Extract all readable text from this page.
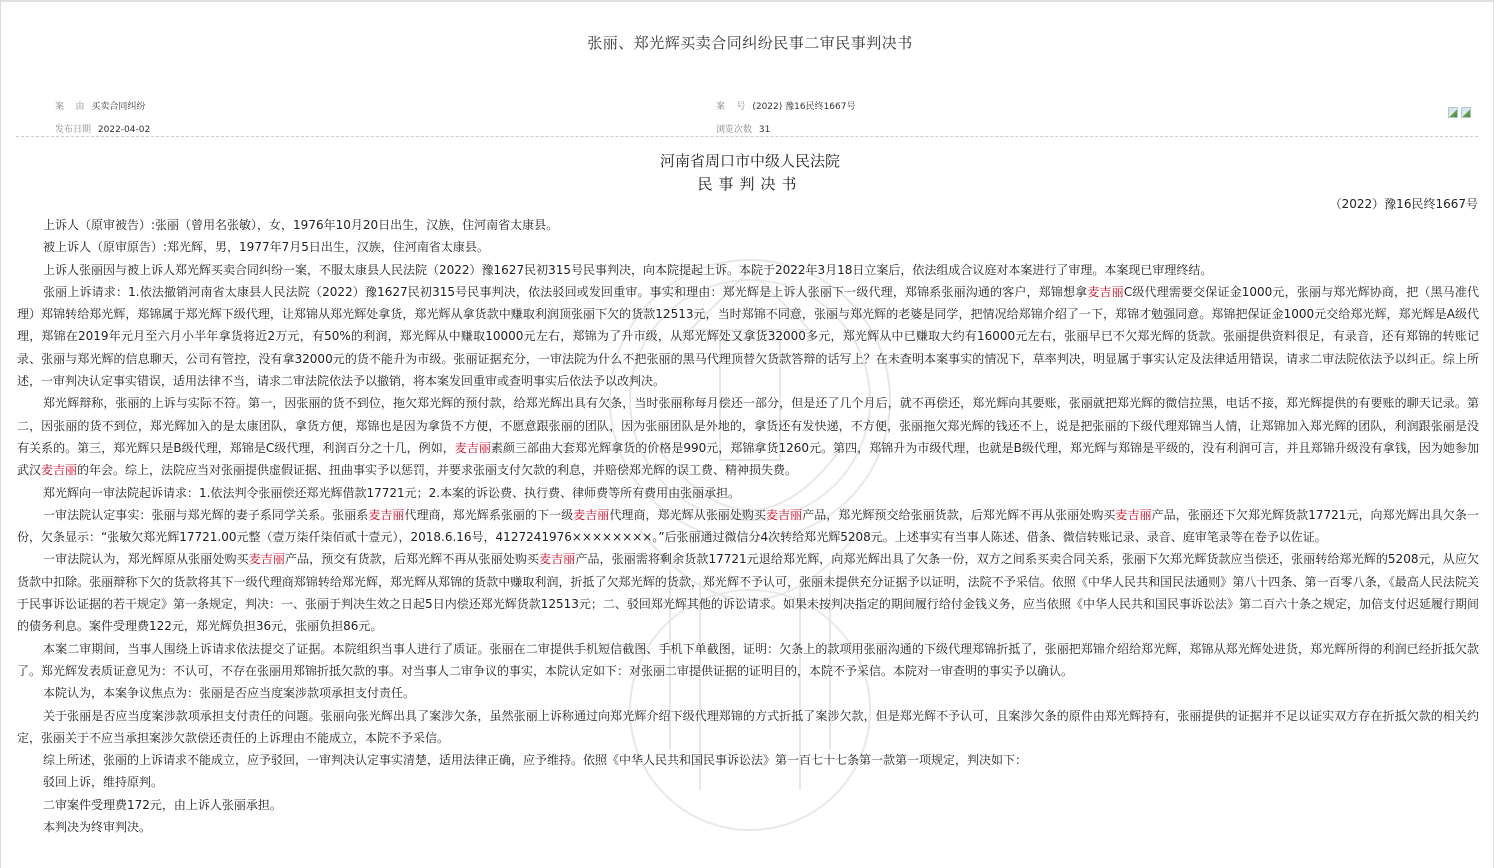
张丽、郑光辉买卖合同纠纷民事二审民事判决书
案    由 买卖合同纠纷
发布日期 2022-04-02
案    号 (2022) 豫16民终1667号
浏览次数 31
河南省周口市中级人民法院
民事判决书
（2022）豫16民终1667号

上诉人（原审被告）:张丽（曾用名张敏），女，1976年10月20日出生，汉族，住河南省太康县。

被上诉人（原审原告）:郑光辉，男，1977年7月5日出生，汉族，住河南省太康县。

上诉人张丽因与被上诉人郑光辉买卖合同纠纷一案，不服太康县人民法院（2022）豫1627民初315号民事判决，向本院提起上诉。本院于2022年3月18日立案后，依法组成合议庭对本案进行了审理。本案现已审理终结。

张丽上诉请求：1.依法撤销河南省太康县人民法院（2022）豫1627民初315号民事判决，依法驳回或发回重审。事实和理由：郑光辉是上诉人张丽下一级代理，郑锦系张丽沟通的客户，郑锦想拿麦吉丽C级代理需要交保证金1000元，张丽与郑光辉协商，把（黑马准代理）郑锦转给郑光辉，郑锦属于郑光辉下级代理，让郑锦从郑光辉处拿货，郑光辉从拿货款中赚取利润顶张丽下欠的货款12513元，当时郑锦不同意，张丽与郑光辉的老婆是同学，把情况给郑锦介绍了一下，郑锦才勉强同意。郑锦把保证金1000元交给郑光辉，郑光辉是A级代理，郑锦在2019年元月至六月小半年拿货将近2万元，有50%的利润，郑光辉从中赚取10000元左右，郑锦为了升市级，从郑光辉处又拿货32000多元，郑光辉从中已赚取大约有16000元左右，张丽早已不欠郑光辉的货款。张丽提供资料很足，有录音，还有郑锦的转账记录、张丽与郑光辉的信息聊天，公司有管控，没有拿32000元的货不能升为市级。张丽证据充分，一审法院为什么不把张丽的黑马代理顶替欠货款答辩的话写上？在未查明本案事实的情况下，草率判决，明显属于事实认定及法律适用错误，请求二审法院依法予以纠正。综上所述，一审判决认定事实错误，适用法律不当，请求二审法院依法予以撤销，将本案发回重审或查明事实后依法予以改判决。

郑光辉辩称，张丽的上诉与实际不符。第一，因张丽的货不到位，拖欠郑光辉的预付款，给郑光辉出具有欠条，当时张丽称每月偿还一部分，但是还了几个月后，就不再偿还，郑光辉向其要账，张丽就把郑光辉的微信拉黑，电话不接，郑光辉提供的有要账的聊天记录。第二，因张丽的货不到位，郑光辉加入的是太康团队，拿货方便，郑锦也是因为拿货不方便，不愿意跟张丽的团队，因为张丽团队是外地的，拿货还有发快递，不方便，张丽拖欠郑光辉的钱还不上，说是把张丽的下级代理郑锦当人情，让郑锦加入郑光辉的团队，利润跟张丽是没有关系的。第三，郑光辉只是B级代理，郑锦是C级代理，利润百分之十几，例如，麦吉丽素颜三部曲大套郑光辉拿货的价格是990元，郑锦拿货1260元。第四，郑锦升为市级代理，也就是B级代理，郑光辉与郑锦是平级的，没有利润可言，并且郑锦升级没有拿钱，因为她参加武汉麦吉丽的年会。综上，法院应当对张丽提供虚假证据、扭曲事实予以惩罚，并要求张丽支付欠款的利息，并赔偿郑光辉的误工费、精神损失费。

郑光辉向一审法院起诉请求：1.依法判令张丽偿还郑光辉借款17721元；2.本案的诉讼费、执行费、律师费等所有费用由张丽承担。

一审法院认定事实：张丽与郑光辉的妻子系同学关系。张丽系麦吉丽代理商，郑光辉系张丽的下一级麦吉丽代理商，郑光辉从张丽处购买麦吉丽产品，郑光辉预交给张丽货款，后郑光辉不再从张丽处购买麦吉丽产品，张丽还下欠郑光辉货款17721元，向郑光辉出具欠条一份，欠条显示：“张敏欠郑光辉17721.00元整（壹万柒仟柒佰贰十壹元），2018.6.16号，4127241976××××××××。”后张丽通过微信分4次转给郑光辉5208元。上述事实有当事人陈述、借条、微信转账记录、录音、庭审笔录等在卷予以佐证。

一审法院认为，郑光辉原从张丽处购买麦吉丽产品，预交有货款，后郑光辉不再从张丽处购买麦吉丽产品，张丽需将剩余货款17721元退给郑光辉，向郑光辉出具了欠条一份，双方之间系买卖合同关系，张丽下欠郑光辉货款应当偿还，张丽转给郑光辉的5208元，从应欠货款中扣除。张丽辩称下欠的货款将其下一级代理商郑锦转给郑光辉，郑光辉从郑锦的货款中赚取利润，折抵了欠郑光辉的货款，郑光辉不予认可，张丽未提供充分证据予以证明，法院不予采信。依照《中华人民共和国民法通则》第八十四条、第一百零八条，《最高人民法院关于民事诉讼证据的若干规定》第一条规定，判决：一、张丽于判决生效之日起5日内偿还郑光辉货款12513元；二、驳回郑光辉其他的诉讼请求。如果未按判决指定的期间履行给付金钱义务，应当依照《中华人民共和国民事诉讼法》第二百六十条之规定，加倍支付迟延履行期间的债务利息。案件受理费122元，郑光辉负担36元，张丽负担86元。

本案二审期间，当事人围绕上诉请求依法提交了证据。本院组织当事人进行了质证。张丽在二审提供手机短信截图、手机下单截图，证明：欠条上的款项用张丽沟通的下级代理郑锦折抵了，张丽把郑锦介绍给郑光辉，郑锦从郑光辉处进货，郑光辉所得的利润已经折抵欠款了。郑光辉发表质证意见为：不认可，不存在张丽用郑锦折抵欠款的事。对当事人二审争议的事实，本院认定如下：对张丽二审提供证据的证明目的，本院不予采信。本院对一审查明的事实予以确认。

本院认为，本案争议焦点为：张丽是否应当度案涉款项承担支付责任。

关于张丽是否应当度案涉款项承担支付责任的问题。张丽向张光辉出具了案涉欠条，虽然张丽上诉称通过向郑光辉介绍下级代理郑锦的方式折抵了案涉欠款，但是郑光辉不予认可，且案涉欠条的原件由郑光辉持有，张丽提供的证据并不足以证实双方存在折抵欠款的相关约定，张丽关于不应当承担案涉欠款偿还责任的上诉理由不能成立，本院不予采信。

综上所述，张丽的上诉请求不能成立，应予驳回，一审判决认定事实清楚，适用法律正确，应予维持。依照《中华人民共和国民事诉讼法》第一百七十七条第一款第一项规定，判决如下：

驳回上诉，维持原判。

二审案件受理费172元，由上诉人张丽承担。

本判决为终审判决。
